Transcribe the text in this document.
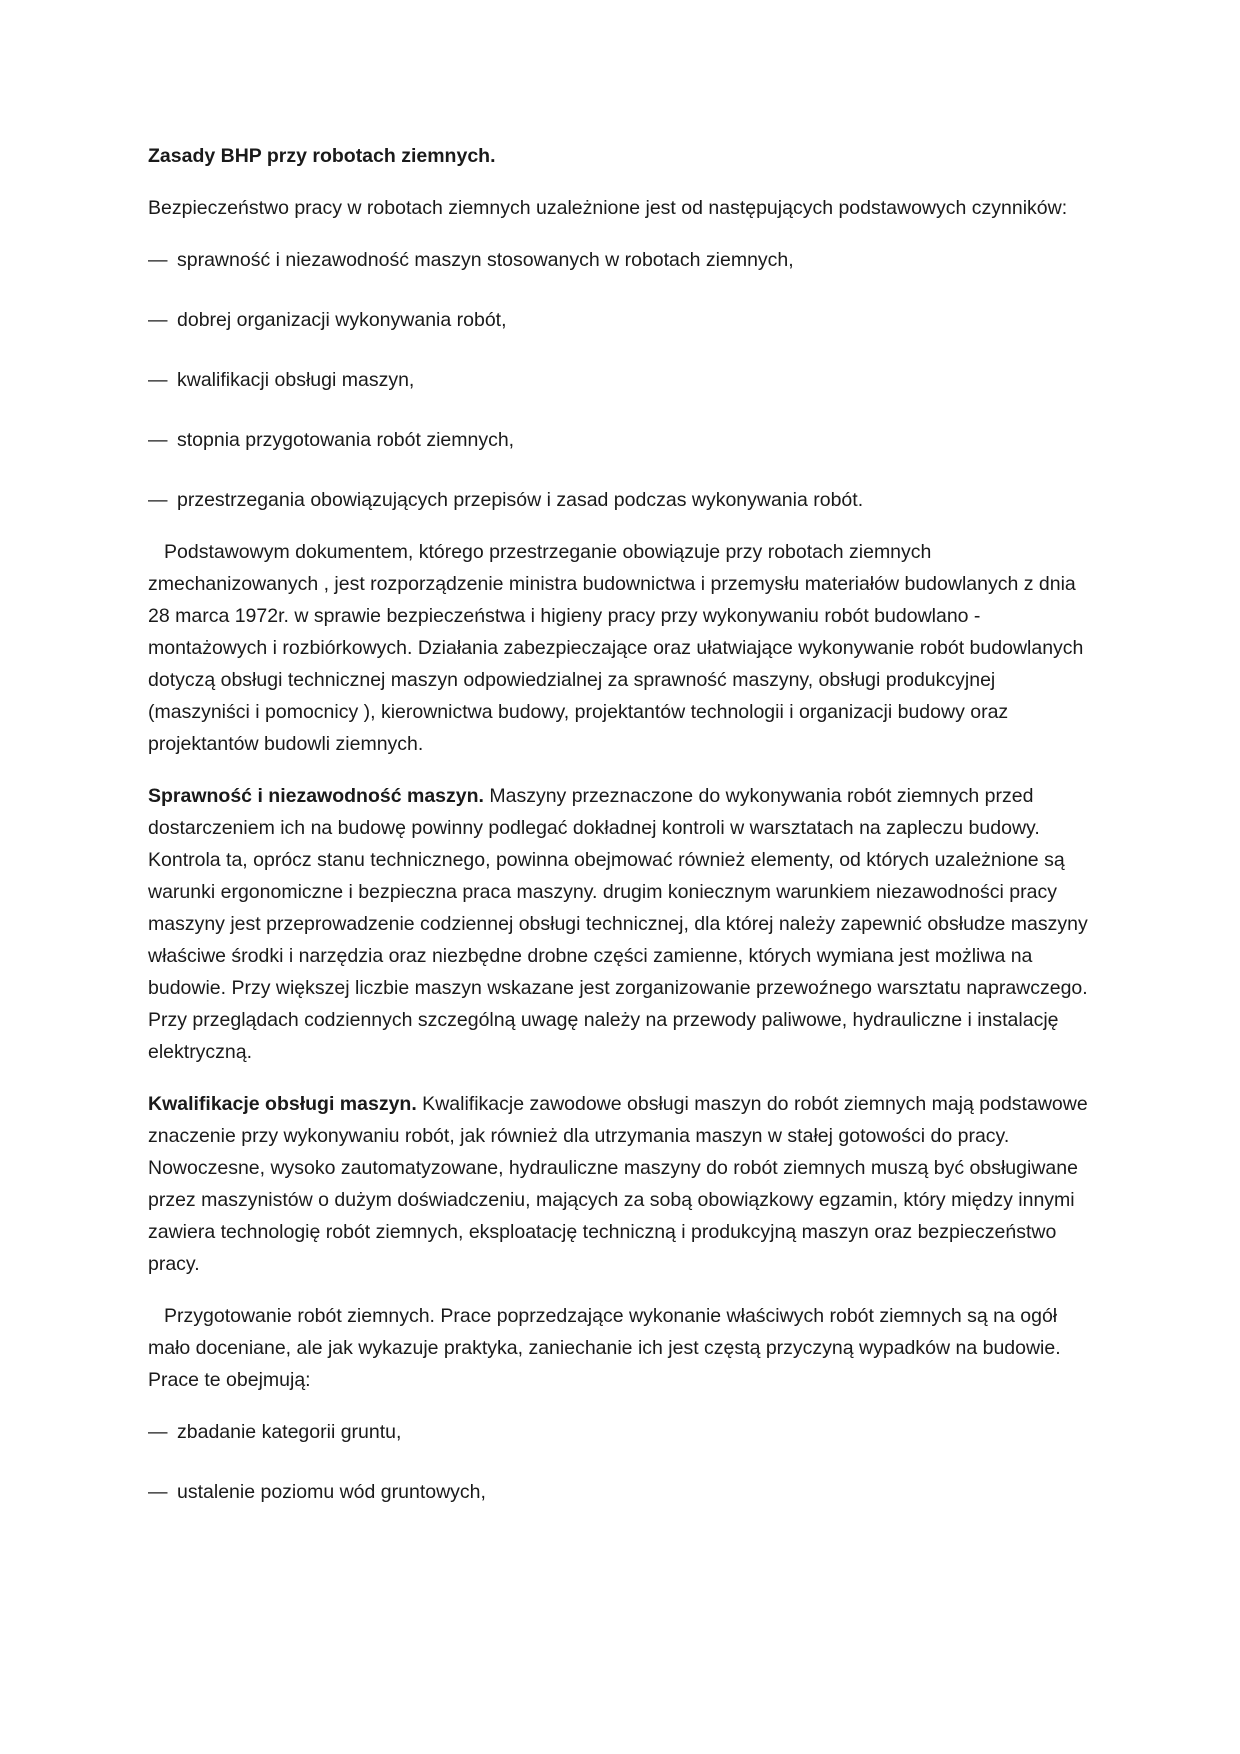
Zasady BHP przy robotach ziemnych.

Bezpieczeństwo pracy w robotach ziemnych uzależnione jest od następujących podstawowych czynników:

— sprawność i niezawodność maszyn stosowanych w robotach ziemnych,
— dobrej organizacji wykonywania robót,
— kwalifikacji obsługi maszyn,
— stopnia przygotowania robót ziemnych,
— przestrzegania obowiązujących przepisów i zasad podczas wykonywania robót.

Podstawowym dokumentem, którego przestrzeganie obowiązuje przy robotach ziemnych zmechanizowanych , jest rozporządzenie ministra budownictwa i przemysłu materiałów budowlanych z dnia 28 marca 1972r. w sprawie bezpieczeństwa i higieny pracy przy wykonywaniu robót budowlano - montażowych i rozbiórkowych. Działania zabezpieczające oraz ułatwiające wykonywanie robót budowlanych dotyczą obsługi technicznej maszyn odpowiedzialnej za sprawność maszyny, obsługi produkcyjnej (maszyniści i pomocnicy ), kierownictwa budowy, projektantów technologii i organizacji budowy oraz projektantów budowli ziemnych.

Sprawność i niezawodność maszyn. Maszyny przeznaczone do wykonywania robót ziemnych przed dostarczeniem ich na budowę powinny podlegać dokładnej kontroli w warsztatach na zapleczu budowy. Kontrola ta, oprócz stanu technicznego, powinna obejmować również elementy, od których uzależnione są warunki ergonomiczne i bezpieczna praca maszyny. drugim koniecznym warunkiem niezawodności pracy maszyny jest przeprowadzenie codziennej obsługi technicznej, dla której należy zapewnić obsłudze maszyny właściwe środki i narzędzia oraz niezbędne drobne części zamienne, których wymiana jest możliwa na budowie. Przy większej liczbie maszyn wskazane jest zorganizowanie przewoźnego warsztatu naprawczego. Przy przeglądach codziennych szczególną uwagę należy na przewody paliwowe, hydrauliczne i instalację elektryczną.

Kwalifikacje obsługi maszyn. Kwalifikacje zawodowe obsługi maszyn do robót ziemnych mają podstawowe znaczenie przy wykonywaniu robót, jak również dla utrzymania maszyn w stałej gotowości do pracy. Nowoczesne, wysoko zautomatyzowane, hydrauliczne maszyny do robót ziemnych muszą być obsługiwane przez maszynistów o dużym doświadczeniu, mających za sobą obowiązkowy egzamin, który między innymi zawiera technologię robót ziemnych, eksploatację techniczną i produkcyjną maszyn oraz bezpieczeństwo pracy.

Przygotowanie robót ziemnych. Prace poprzedzające wykonanie właściwych robót ziemnych są na ogół mało doceniane, ale jak wykazuje praktyka, zaniechanie ich jest częstą przyczyną wypadków na budowie. Prace te obejmują:

— zbadanie kategorii gruntu,
— ustalenie poziomu wód gruntowych,
